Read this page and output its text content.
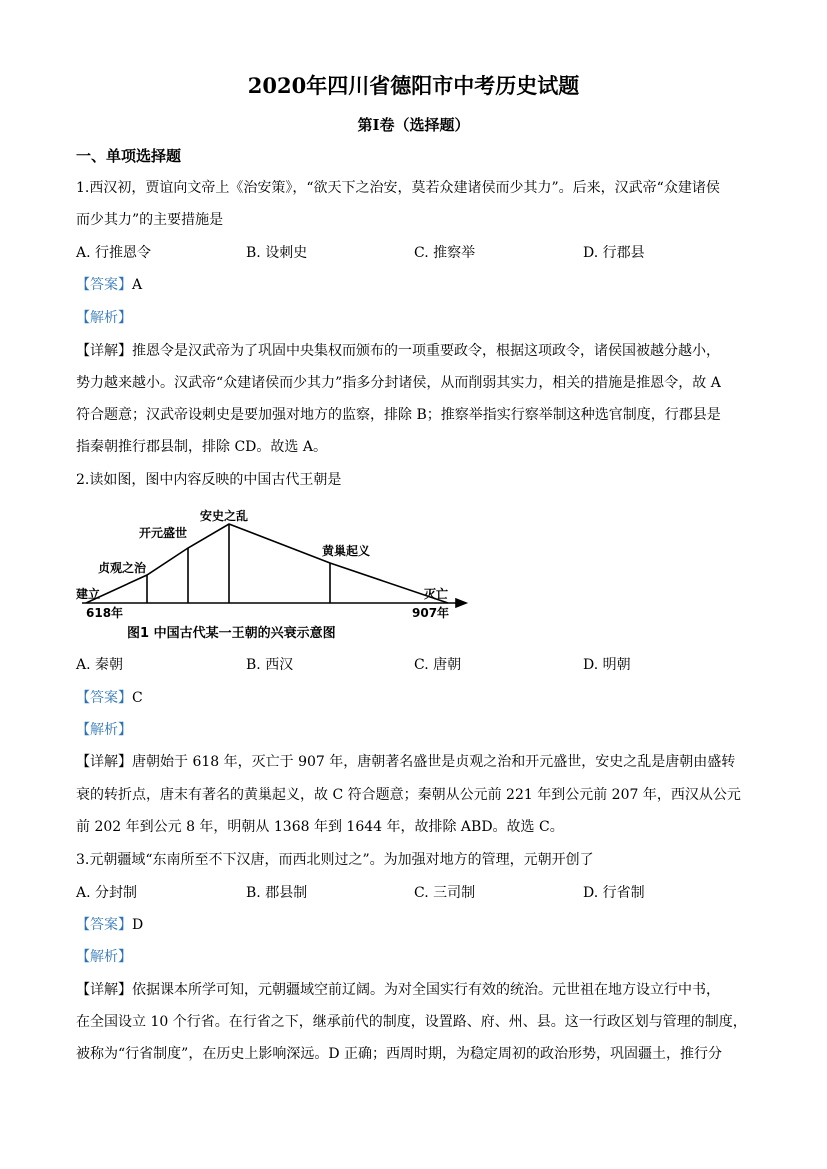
2020年四川省德阳市中考历史试题
第Ⅰ卷（选择题）
一、单项选择题
1.西汉初，贾谊向文帝上《治安策》，“欲天下之治安，莫若众建诸侯而少其力”。后来，汉武帝“众建诸侯
而少其力”的主要措施是
A. 行推恩令	B. 设刺史	C. 推察举	D. 行郡县
【答案】A
【解析】
【详解】推恩令是汉武帝为了巩固中央集权而颁布的一项重要政令，根据这项政令，诸侯国被越分越小，
势力越来越小。汉武帝“众建诸侯而少其力”指多分封诸侯，从而削弱其实力，相关的措施是推恩令，故 A
符合题意；汉武帝设刺史是要加强对地方的监察，排除 B；推察举指实行察举制这种选官制度，行郡县是
指秦朝推行郡县制，排除 CD。故选 A。
2.读如图，图中内容反映的中国古代王朝是
建立
618年
贞观之治
开元盛世
安史之乱
黄巢起义
灭亡
907年
图1 中国古代某一王朝的兴衰示意图
A. 秦朝	B. 西汉	C. 唐朝	D. 明朝
【答案】C
【解析】
【详解】唐朝始于 618 年，灭亡于 907 年，唐朝著名盛世是贞观之治和开元盛世，安史之乱是唐朝由盛转
衰的转折点，唐末有著名的黄巢起义，故 C 符合题意；秦朝从公元前 221 年到公元前 207 年，西汉从公元
前 202 年到公元 8 年，明朝从 1368 年到 1644 年，故排除 ABD。故选 C。
3.元朝疆域“东南所至不下汉唐，而西北则过之”。为加强对地方的管理，元朝开创了
A. 分封制	B. 郡县制	C. 三司制	D. 行省制
【答案】D
【解析】
【详解】依据课本所学可知，元朝疆域空前辽阔。为对全国实行有效的统治。元世祖在地方设立行中书，
在全国设立 10 个行省。在行省之下，继承前代的制度，设置路、府、州、县。这一行政区划与管理的制度，
被称为“行省制度”，在历史上影响深远。D 正确；西周时期，为稳定周初的政治形势，巩固疆土，推行分
